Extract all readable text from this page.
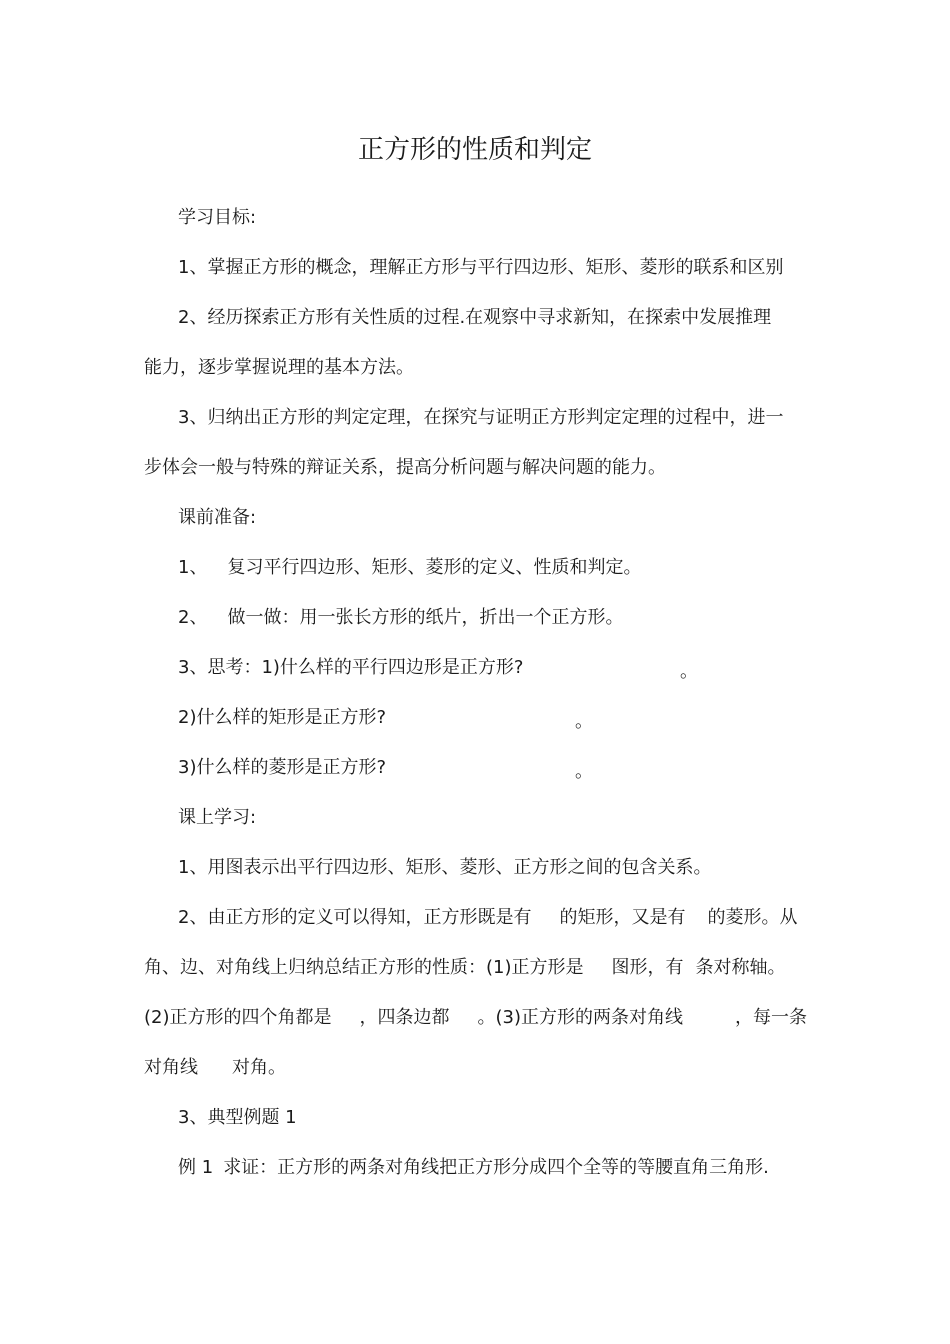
正方形的性质和判定
学习目标:
1、掌握正方形的概念，理解正方形与平行四边形、矩形、菱形的联系和区别
2、经历探索正方形有关性质的过程.在观察中寻求新知，在探索中发展推理
能力，逐步掌握说理的基本方法。
3、归纳出正方形的判定定理，在探究与证明正方形判定定理的过程中，进一
步体会一般与特殊的辩证关系，提高分析问题与解决问题的能力。
课前准备:
1、 复习平行四边形、矩形、菱形的定义、性质和判定。
2、 做一做：用一张长方形的纸片，折出一个正方形。
3、思考：1)什么样的平行四边形是正方形?	。
2)什么样的矩形是正方形?	。
3)什么样的菱形是正方形?	。
课上学习:
1、用图表示出平行四边形、矩形、菱形、正方形之间的包含关系。
2、由正方形的定义可以得知，正方形既是有 的矩形，又是有 的菱形。从
角、边、对角线上归纳总结正方形的性质：(1)正方形是 图形，有 条对称轴。
(2)正方形的四个角都是 ，四条边都 。(3)正方形的两条对角线	，每一条
对角线 对角。
3、典型例题 1
例 1 求证：正方形的两条对角线把正方形分成四个全等的等腰直角三角形.
